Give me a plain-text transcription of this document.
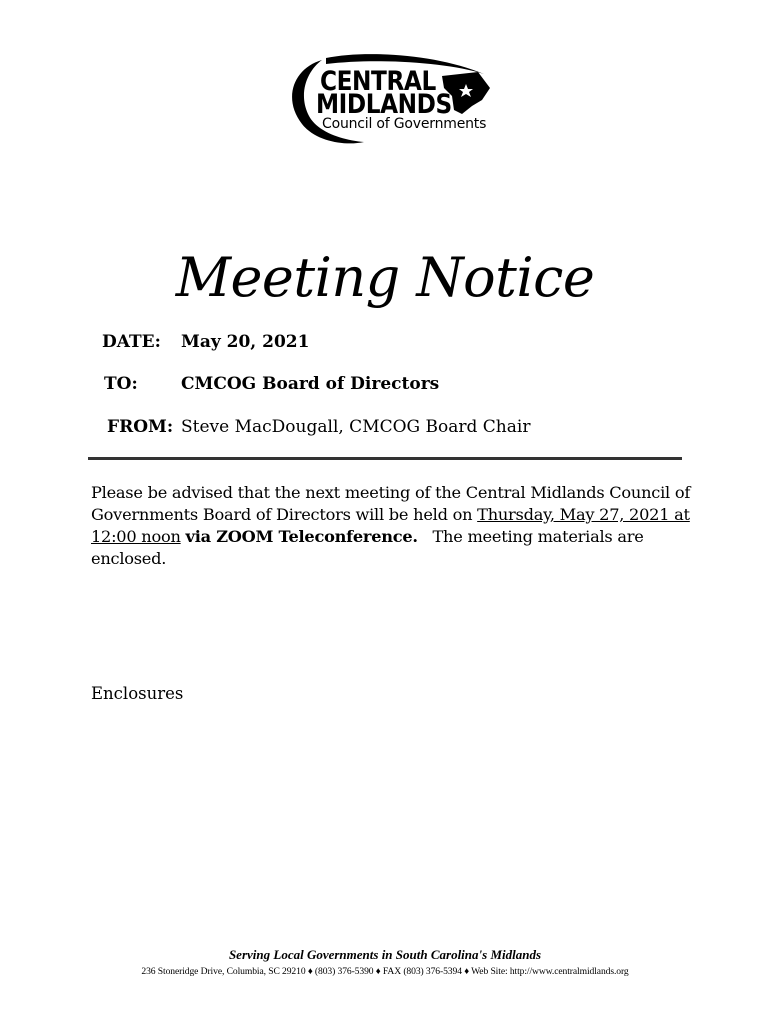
CENTRAL
MIDLANDS
Council of Governments
Meeting Notice
DATE: May 20, 2021
TO:	CMCOG Board of Directors
FROM: Steve MacDougall, CMCOG Board Chair
Please be advised that the next meeting of the Central Midlands Council of Governments Board of Directors will be held on Thursday, May 27, 2021 at 12:00 noon via ZOOM Teleconference. The meeting materials are enclosed.
Enclosures
Serving Local Governments in South Carolina's Midlands
236 Stoneridge Drive, Columbia, SC 29210 ♦ (803) 376-5390 ♦ FAX (803) 376-5394 ♦ Web Site: http://www.centralmidlands.org
